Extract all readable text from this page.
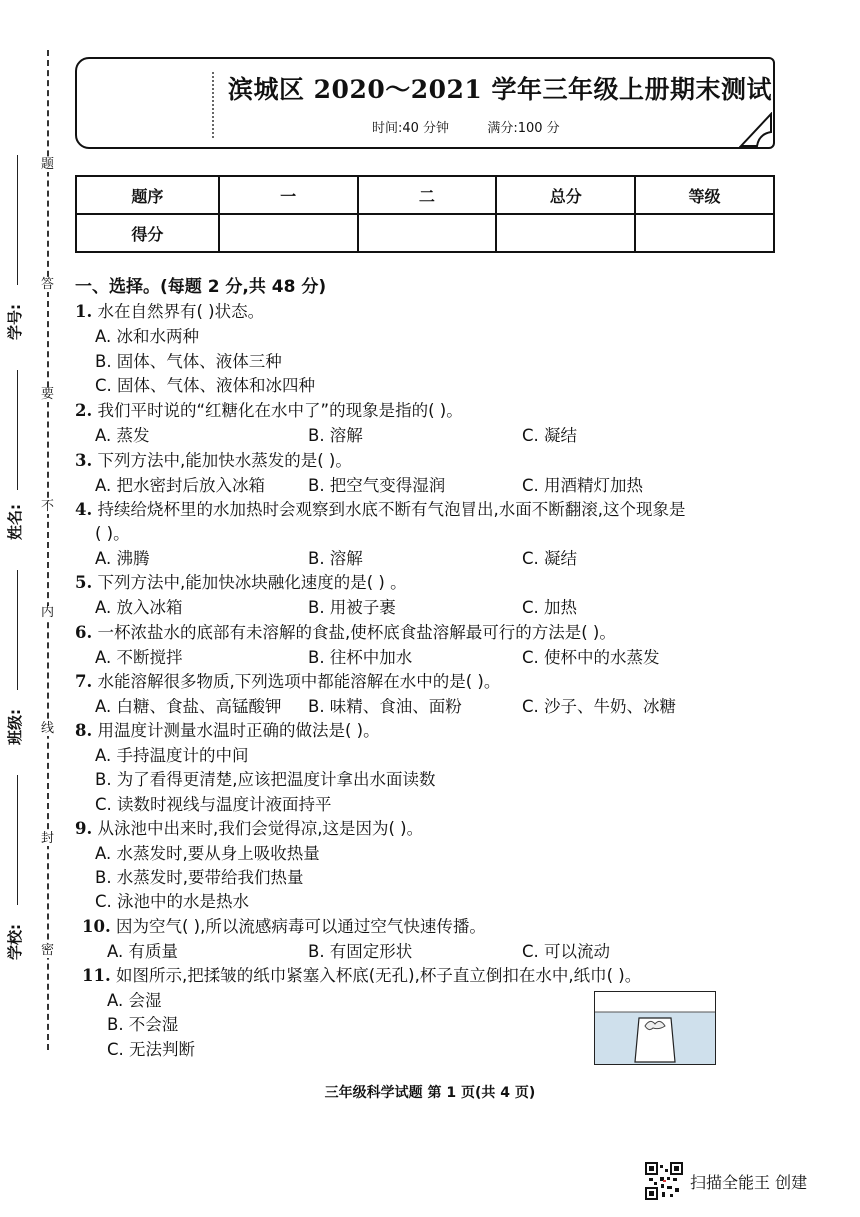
题
答
要
不
内
线
封
密
学号:
姓名:
班级:
学校:
滨城区 2020～2021 学年三年级上册期末测试
时间:40 分钟	满分:100 分
题序	一	二	总分	等级
得分				
一、选择。(每题 2 分,共 48 分)
1. 水在自然界有( )状态。
A. 冰和水两种
B. 固体、气体、液体三种
C. 固体、气体、液体和冰四种
2. 我们平时说的“红糖化在水中了”的现象是指的( )。
A. 蒸发	B. 溶解	C. 凝结
3. 下列方法中,能加快水蒸发的是( )。
A. 把水密封后放入冰箱	B. 把空气变得湿润	C. 用酒精灯加热
4. 持续给烧杯里的水加热时会观察到水底不断有气泡冒出,水面不断翻滚,这个现象是
( )。
A. 沸腾	B. 溶解	C. 凝结
5. 下列方法中,能加快冰块融化速度的是( ) 。
A. 放入冰箱	B. 用被子裹	C. 加热
6. 一杯浓盐水的底部有未溶解的食盐,使杯底食盐溶解最可行的方法是( )。
A. 不断搅拌	B. 往杯中加水	C. 使杯中的水蒸发
7. 水能溶解很多物质,下列选项中都能溶解在水中的是( )。
A. 白糖、食盐、高锰酸钾 B. 味精、食油、面粉	C. 沙子、牛奶、冰糖
8. 用温度计测量水温时正确的做法是( )。
A. 手持温度计的中间
B. 为了看得更清楚,应该把温度计拿出水面读数
C. 读数时视线与温度计液面持平
9. 从泳池中出来时,我们会觉得凉,这是因为( )。
A. 水蒸发时,要从身上吸收热量
B. 水蒸发时,要带给我们热量
C. 泳池中的水是热水
10. 因为空气( ),所以流感病毒可以通过空气快速传播。
A. 有质量	B. 有固定形状	C. 可以流动
11. 如图所示,把揉皱的纸巾紧塞入杯底(无孔),杯子直立倒扣在水中,纸巾( )。
A. 会湿
B. 不会湿
C. 无法判断
三年级科学试题 第 1 页(共 4 页)
扫描全能王 创建
